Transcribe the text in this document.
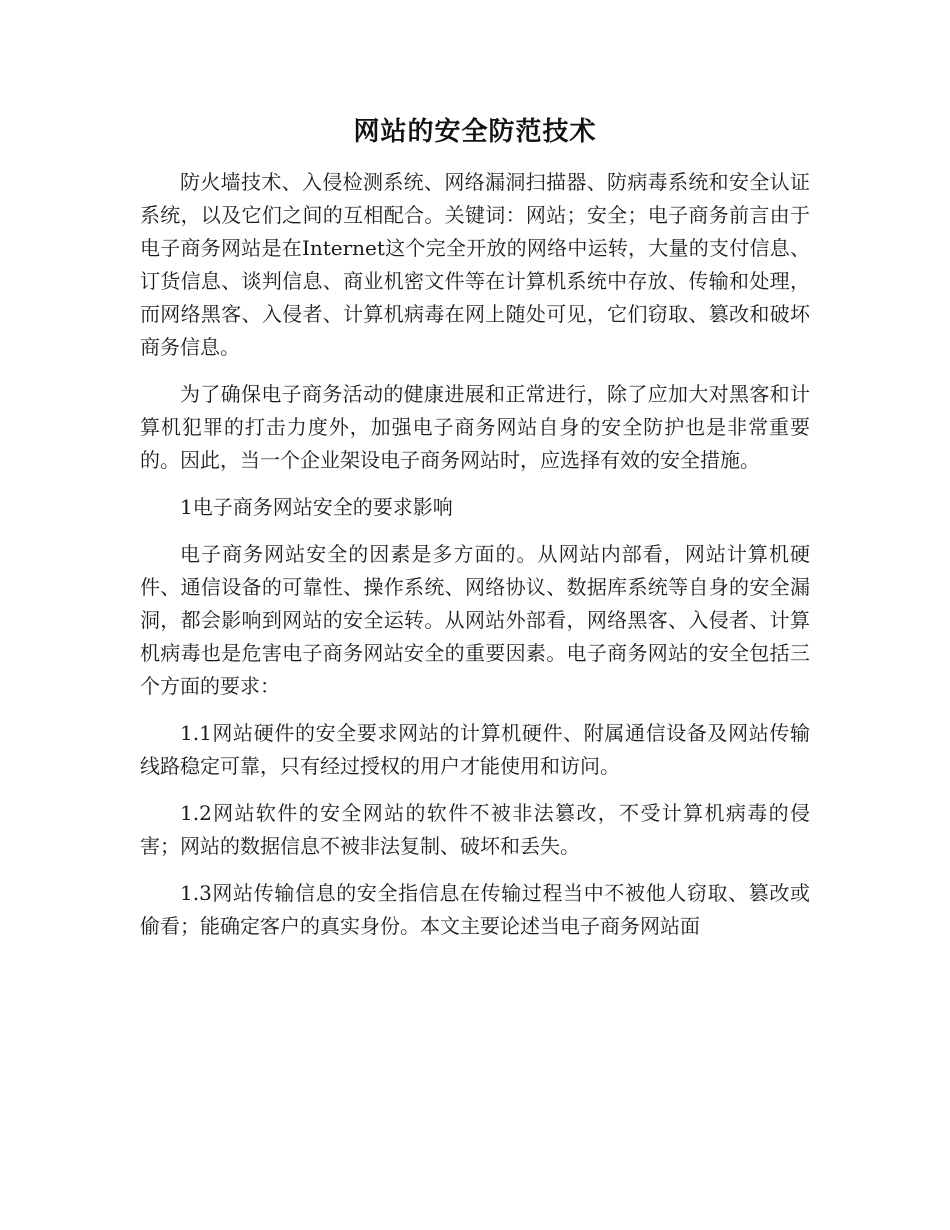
网站的安全防范技术

防火墙技术、入侵检测系统、网络漏洞扫描器、防病毒系统和安全认证系统，以及它们之间的互相配合。关键词：网站；安全；电子商务前言由于电子商务网站是在Internet这个完全开放的网络中运转，大量的支付信息、订货信息、谈判信息、商业机密文件等在计算机系统中存放、传输和处理，而网络黑客、入侵者、计算机病毒在网上随处可见，它们窃取、篡改和破坏商务信息。

为了确保电子商务活动的健康进展和正常进行，除了应加大对黑客和计算机犯罪的打击力度外，加强电子商务网站自身的安全防护也是非常重要的。因此，当一个企业架设电子商务网站时，应选择有效的安全措施。

1电子商务网站安全的要求影响

电子商务网站安全的因素是多方面的。从网站内部看，网站计算机硬件、通信设备的可靠性、操作系统、网络协议、数据库系统等自身的安全漏洞，都会影响到网站的安全运转。从网站外部看，网络黑客、入侵者、计算机病毒也是危害电子商务网站安全的重要因素。电子商务网站的安全包括三个方面的要求：

1.1网站硬件的安全要求网站的计算机硬件、附属通信设备及网站传输线路稳定可靠，只有经过授权的用户才能使用和访问。

1.2网站软件的安全网站的软件不被非法篡改，不受计算机病毒的侵害；网站的数据信息不被非法复制、破坏和丢失。

1.3网站传输信息的安全指信息在传输过程当中不被他人窃取、篡改或偷看；能确定客户的真实身份。本文主要论述当电子商务网站面
